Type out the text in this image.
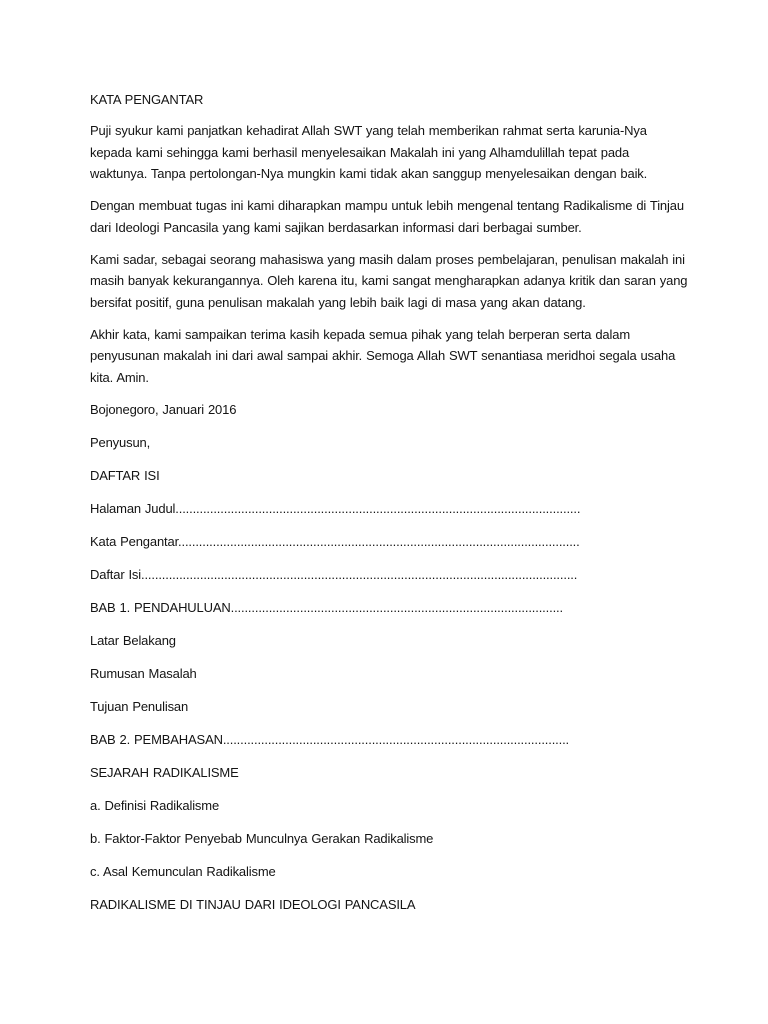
KATA PENGANTAR
Puji syukur kami panjatkan kehadirat Allah SWT yang telah memberikan rahmat serta karunia-Nya
kepada kami sehingga kami berhasil menyelesaikan Makalah ini yang Alhamdulillah tepat pada
waktunya. Tanpa pertolongan-Nya mungkin kami tidak akan sanggup menyelesaikan dengan baik.
Dengan membuat tugas ini kami diharapkan mampu untuk lebih mengenal tentang Radikalisme di Tinjau
dari Ideologi Pancasila yang kami sajikan berdasarkan informasi dari berbagai sumber.
Kami sadar, sebagai seorang mahasiswa yang masih dalam proses pembelajaran, penulisan makalah ini
masih banyak kekurangannya. Oleh karena itu, kami sangat mengharapkan adanya kritik dan saran yang
bersifat positif, guna penulisan makalah yang lebih baik lagi di masa yang akan datang.
Akhir kata, kami sampaikan terima kasih kepada semua pihak yang telah berperan serta dalam
penyusunan makalah ini dari awal sampai akhir. Semoga Allah SWT senantiasa meridhoi segala usaha
kita. Amin.
Bojonegoro, Januari 2016
Penyusun,
DAFTAR ISI
Halaman Judul.....................................................................................................................
Kata Pengantar....................................................................................................................
Daftar Isi..............................................................................................................................
BAB 1. PENDAHULUAN................................................................................................
Latar Belakang
Rumusan Masalah
Tujuan Penulisan
BAB 2. PEMBAHASAN....................................................................................................
SEJARAH RADIKALISME
a. Definisi Radikalisme
b. Faktor-Faktor Penyebab Munculnya Gerakan Radikalisme
c. Asal Kemunculan Radikalisme
RADIKALISME DI TINJAU DARI IDEOLOGI PANCASILA
